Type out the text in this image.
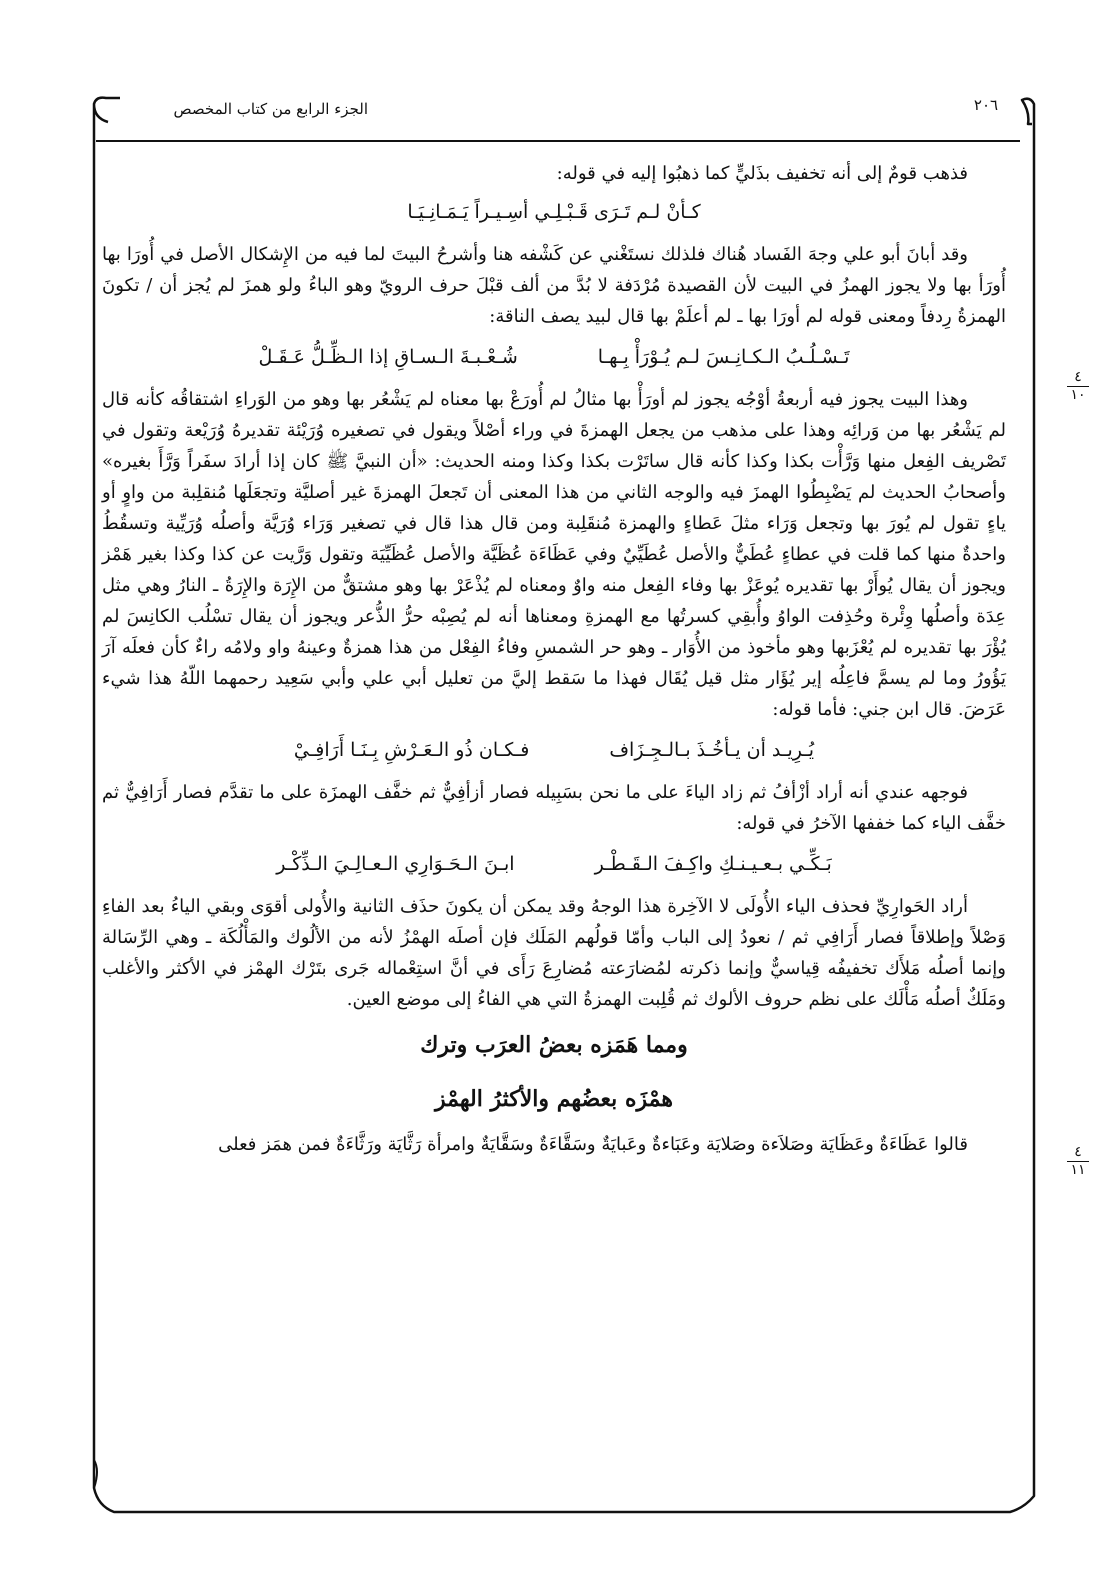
الجزء الرابع من كتاب المخصص	٢٠٦
٤
١٠
٤
١١

فذهب قومٌ إلى أنه تخفيف بذَليٍّ كما ذهبُوا إليه في قوله:

كـأنْ لـم تَـرَى قَـبْـلِـي أسِـيـراً يَـمَـانِـيَـا

وقد أبانَ أبو علي وجهَ الفَساد هُناك فلذلك نستَغْني عن كَشْفه هنا وأشرحُ البيتَ لما فيه من الإِشكال الأصل في أُورَا بها أُورَأ بها ولا يجوز الهمزُ في البيت لأن القصيدة مُرْدَفة لا بُدَّ من ألف قبْلَ حرف الرويّ وهو الباءُ ولو همزَ لم يُجز أن / تكونَ الهمزةُ رِدفاً ومعنى قوله لم أورَا بها ـ لم أعلَمْ بها قال لبيد يصف الناقة:

تَـسْـلُـبُ الـكـانِـسَ لـم يُـوْرَأْ بِـهـا
شُـعْـبـةَ الـسـاقِ إذا الـظِّـلُّ عَـقَـلْ

وهذا البيت يجوز فيه أربعةُ أوْجُه يجوز لم أورَأْ بها مثالُ لم أُورَعْ بها معناه لم يَشْعُر بها وهو من الوَراءِ اشتقاقُه كأنه قال لم يَشْعُر بها من وَرائِه وهذا على مذهب من يجعل الهمزةَ في وراء أصْلاً ويقول في تصغيره وُرَيْئة تقديرهُ وُرَيْعة وتقول في تَصْريف الفِعل منها وَرَّأْت بكذا وكذا كأنه قال ساتَرْت بكذا وكذا ومنه الحديث: «أن النبيَّ ﷺ كان إذا أرادَ سفَراً وَرَّأَ بغيره» وأصحابُ الحديث لم يَضْبِطُوا الهمزَ فيه والوجه الثاني من هذا المعنى أن تَجعلَ الهمزةَ غير أصليَّة وتجعَلَها مُنقلِبة من واوٍ أو ياءٍ تقول لم يُورَ بها وتجعل وَرَاء مثلَ عَطاءٍ والهمزة مُنقَلِبة ومن قال هذا قال في تصغير وَرَاء وُرَيَّة وأصلُه وُرَيِّية وتسقُطُ واحدةٌ منها كما قلت في عطاءٍ عُطَيٌّ والأصل عُطَيِّيٌ وفي عَظَاءَة عُظَيَّة والأصل عُظَيِّيَة وتقول وَرَّيت عن كذا وكذا بغير هَمْز ويجوز أن يقال يُوأَرْ بها تقديره يُوعَزْ بها وفاء الفِعل منه واوٌ ومعناه لم يُذْعَرْ بها وهو مشتقٌّ من الإِرَة والإِرَةُ ـ النارُ وهي مثل عِدَة وأصلُها وِئْرة وحُذِفت الواوُ وأُبقِي كسرتُها مع الهمزةِ ومعناها أنه لم يُصِبْه حرُّ الذُّعر ويجوز أن يقال تسْلُب الكانِسَ لم يُؤْرَ بها تقديره لم يُعْزَبها وهو مأخوذ من الأُوَار ـ وهو حر الشمسِ وفاءُ الفِعْل من هذا همزةٌ وعينهُ واو ولامُه راءٌ كأن فعلَه آرَ يَؤُورُ وما لم يسمَّ فاعِلُه إير يُؤَار مثل قيل يُقَال فهذا ما سَقط إليَّ من تعليل أبي علي وأبي سَعِيد رحمهما اللّهُ هذا شيء عَرَضَ. قال ابن جني: فأما قوله:

يُـرِيـد أن يـأخُـذَ بـالـجِـزَاف
فـكـان ذُو الـعَـرْشِ بِـنَـا أَرَافِـيْ

فوجهه عندي أنه أراد أزْأفُ ثم زاد الياءَ على ما نحن بسَبِيله فصار أزأفِيٌّ ثم خفَّف الهمزَة على ما تقدَّم فصار أَرَافِيٌّ ثم خفَّف الياء كما خففها الآخرُ في قوله:

بَـكِّـي بـعـيـنـكِ واكِـفَ الـقَـطْـر
ابـنَ الـحَـوَارِي الـعـالِـيَ الـذِّكْـر

أراد الحَوارِيِّ فحذف الياء الأُولَى لا الآخِرة هذا الوجهُ وقد يمكن أن يكونَ حذَف الثانية والأُولى أقوَى وبقي الياءُ بعد الفاءِ وَصْلاً وإطلاقاً فصار أَرَافِي ثم / نعودُ إلى الباب وأمّا قولُهم المَلَك فإن أصلَه الهمْزُ لأنه من الألُوك والمَأْلُكَة ـ وهي الرِّسَالة وإنما أصلُه مَلأَك تخفيفُه قِياسيٌّ وإنما ذكرته لمُضارَعته مُضارِعَ رَأَى في أنَّ استِعْماله جَرى بتَرْك الهمْز في الأكثر والأغلب ومَلَكٌ أصلُه مَأْلَك على نظم حروف الألوك ثم قُلِبت الهمزةُ التي هي الفاءُ إلى موضع العين.

ومما هَمَزه بعضُ العرَب وترك
همْزَه بعضُهم والأكثرُ الهمْز

قالوا عَظَاءَةٌ وعَظَايَة وصَلاَءة وصَلايَة وعَبَاءةٌ وعَبايَةٌ وسَقَّاءَةٌ وسَقَّايَةٌ وامرأة رَثَّايَة ورَثَّاءَةٌ فمن همَز فعلى
